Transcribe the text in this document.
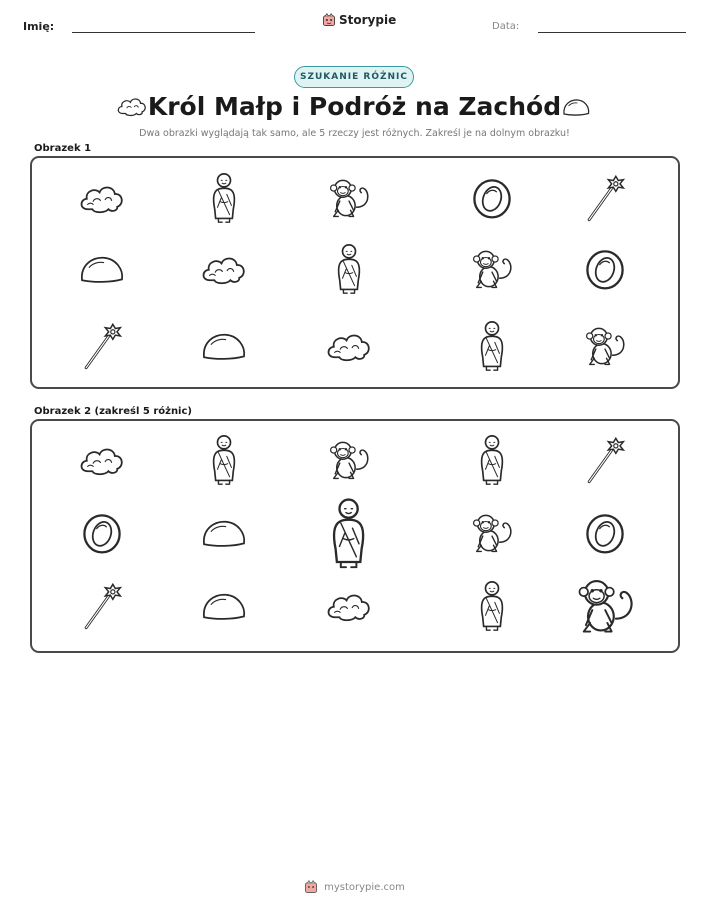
Imię:	Storypie	Data:
SZUKANIE RÓŻNIC
Król Małp i Podróż na Zachód
Dwa obrazki wyglądają tak samo, ale 5 rzeczy jest różnych. Zakreśl je na dolnym obrazku!
Obrazek 1
Obrazek 2 (zakreśl 5 różnic)
mystorypie.com
